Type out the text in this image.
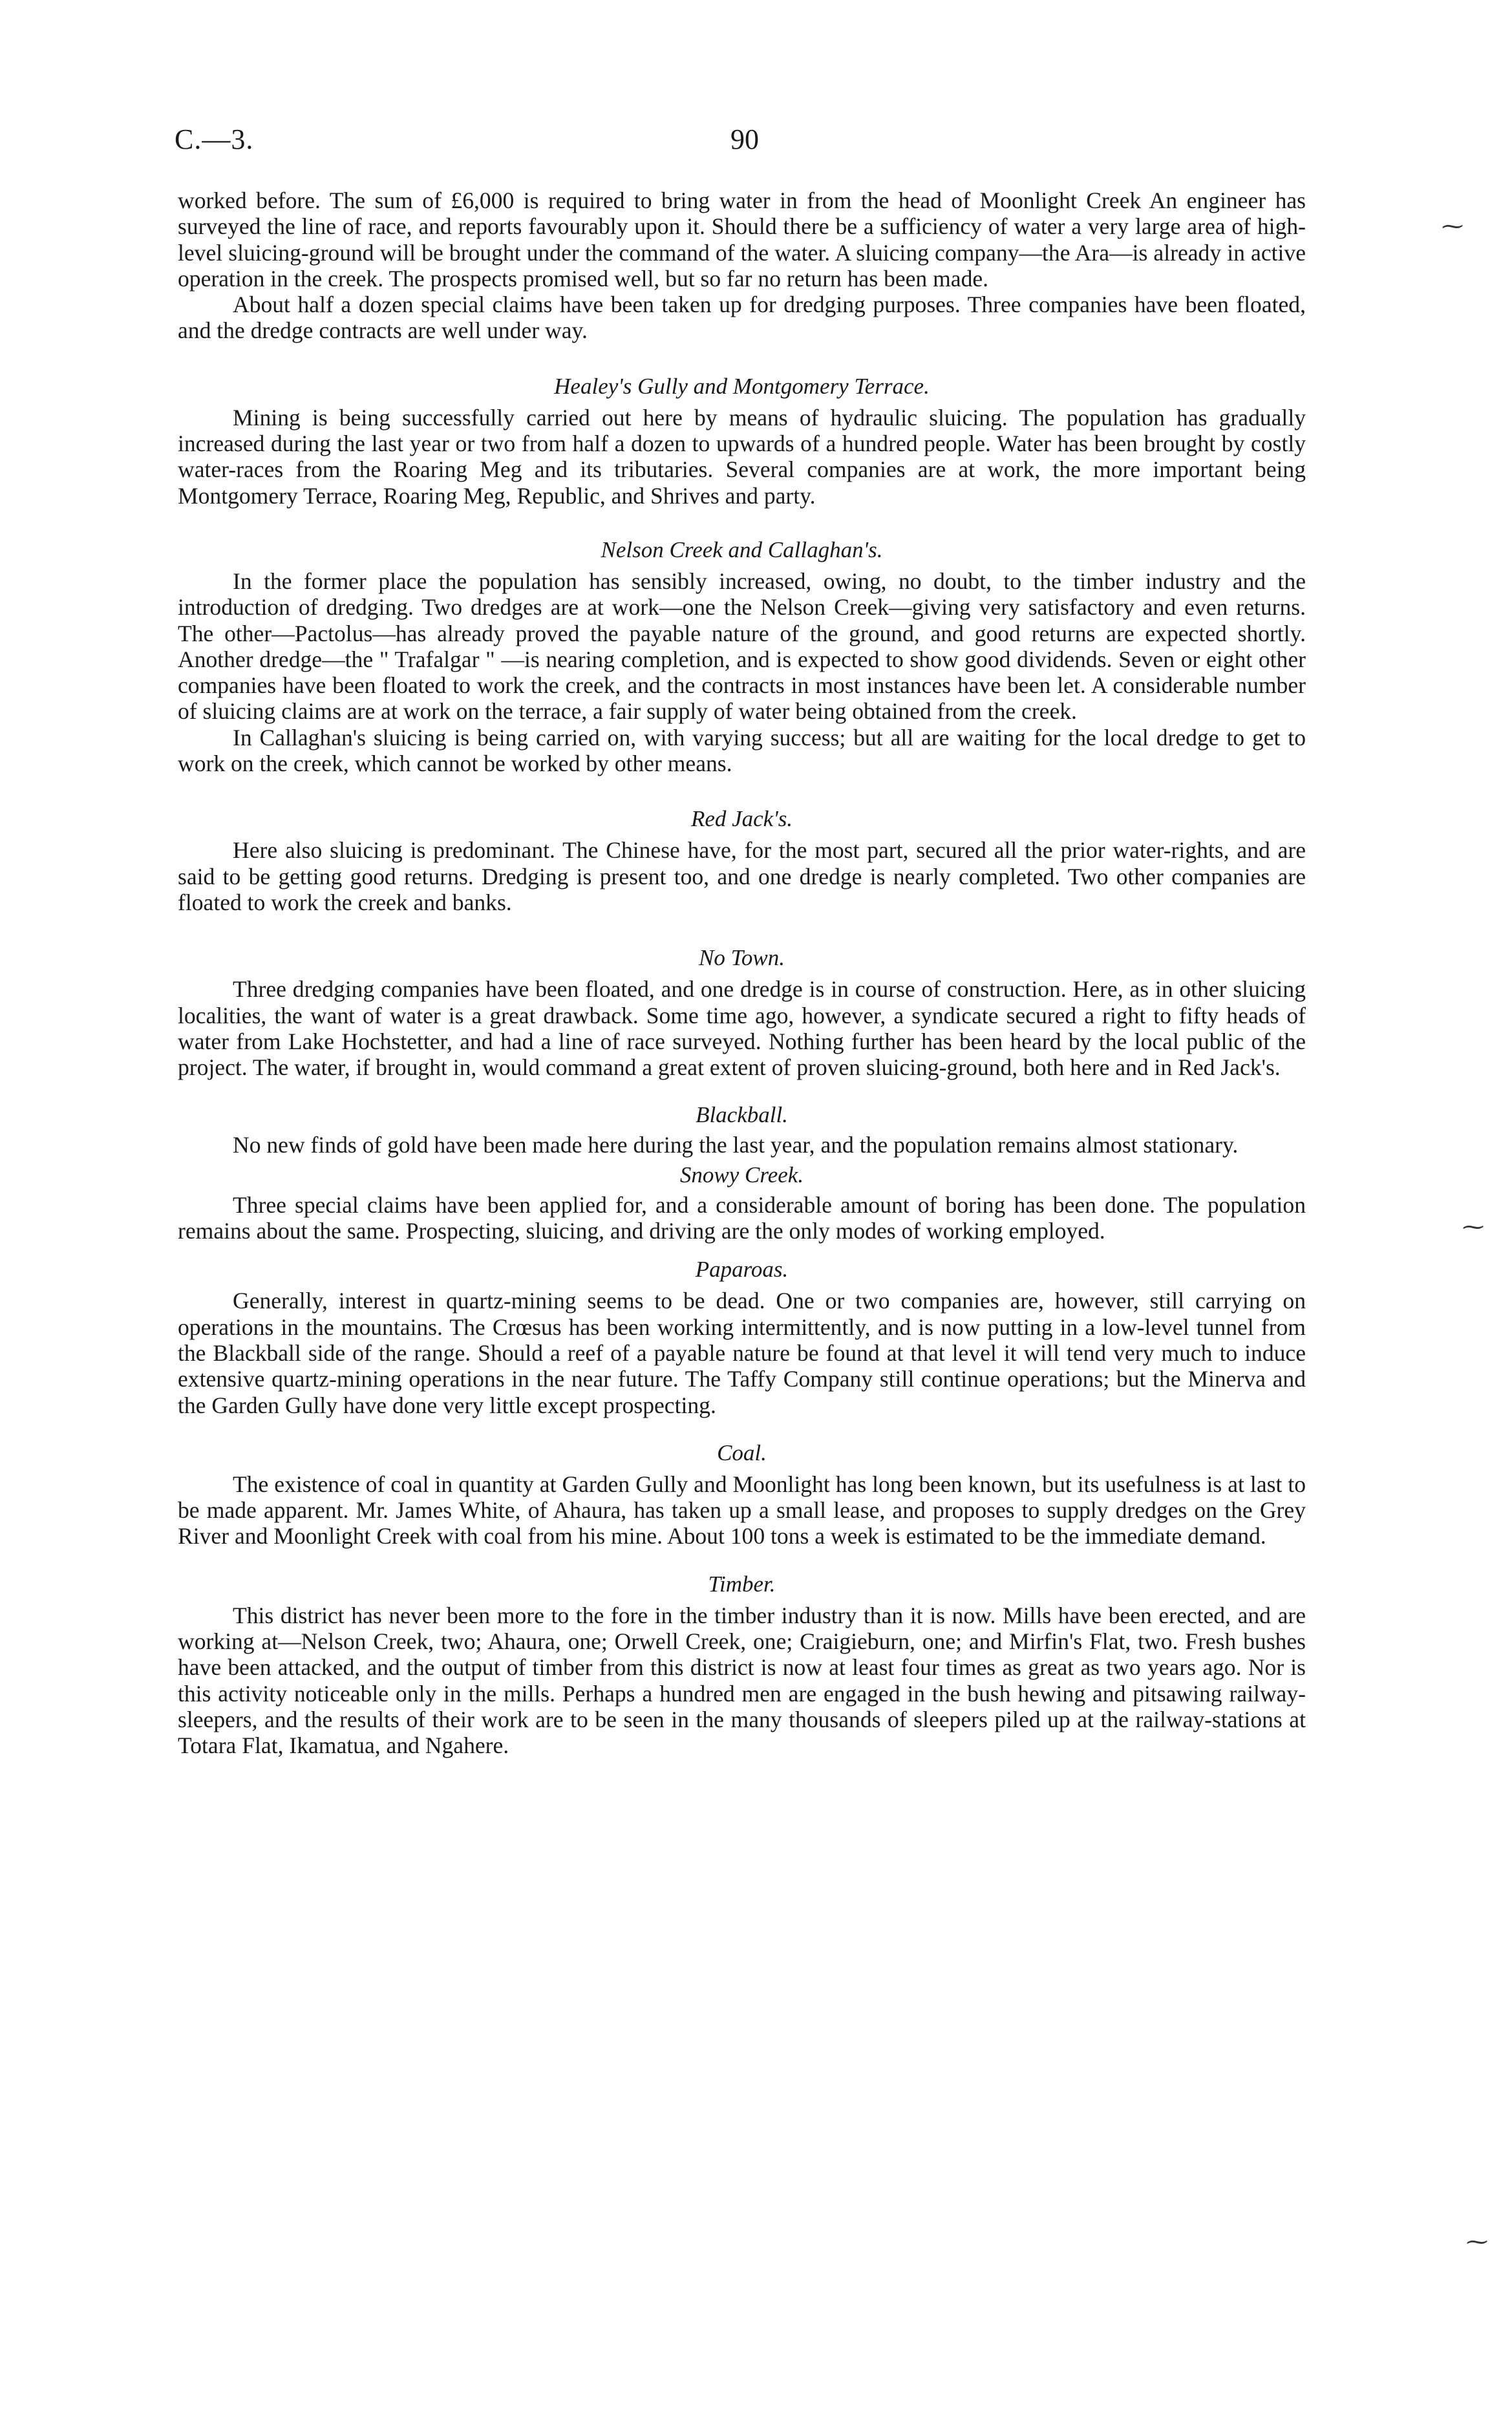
C.—3.	90

worked before. The sum of £6,000 is required to bring water in from the head of Moonlight Creek An engineer has surveyed the line of race, and reports favourably upon it. Should there be a sufficiency of water a very large area of high-level sluicing-ground will be brought under the command of the water. A sluicing company—the Ara—is already in active operation in the creek. The prospects promised well, but so far no return has been made.

About half a dozen special claims have been taken up for dredging purposes. Three companies have been floated, and the dredge contracts are well under way.

Healey's Gully and Montgomery Terrace.

Mining is being successfully carried out here by means of hydraulic sluicing. The population has gradually increased during the last year or two from half a dozen to upwards of a hundred people. Water has been brought by costly water-races from the Roaring Meg and its tributaries. Several companies are at work, the more important being Montgomery Terrace, Roaring Meg, Republic, and Shrives and party.

Nelson Creek and Callaghan's.

In the former place the population has sensibly increased, owing, no doubt, to the timber industry and the introduction of dredging. Two dredges are at work—one the Nelson Creek—giving very satisfactory and even returns. The other—Pactolus—has already proved the payable nature of the ground, and good returns are expected shortly. Another dredge—the " Trafalgar " —is nearing completion, and is expected to show good dividends. Seven or eight other companies have been floated to work the creek, and the contracts in most instances have been let. A considerable number of sluicing claims are at work on the terrace, a fair supply of water being obtained from the creek.

In Callaghan's sluicing is being carried on, with varying success; but all are waiting for the local dredge to get to work on the creek, which cannot be worked by other means.

Red Jack's.

Here also sluicing is predominant. The Chinese have, for the most part, secured all the prior water-rights, and are said to be getting good returns. Dredging is present too, and one dredge is nearly completed. Two other companies are floated to work the creek and banks.

No Town.

Three dredging companies have been floated, and one dredge is in course of construction. Here, as in other sluicing localities, the want of water is a great drawback. Some time ago, however, a syndicate secured a right to fifty heads of water from Lake Hochstetter, and had a line of race surveyed. Nothing further has been heard by the local public of the project. The water, if brought in, would command a great extent of proven sluicing-ground, both here and in Red Jack's.

Blackball.

No new finds of gold have been made here during the last year, and the population remains almost stationary.

Snowy Creek.

Three special claims have been applied for, and a considerable amount of boring has been done. The population remains about the same. Prospecting, sluicing, and driving are the only modes of working employed.

Paparoas.

Generally, interest in quartz-mining seems to be dead. One or two companies are, however, still carrying on operations in the mountains. The Crœsus has been working intermittently, and is now putting in a low-level tunnel from the Blackball side of the range. Should a reef of a payable nature be found at that level it will tend very much to induce extensive quartz-mining operations in the near future. The Taffy Company still continue operations; but the Minerva and the Garden Gully have done very little except prospecting.

Coal.

The existence of coal in quantity at Garden Gully and Moonlight has long been known, but its usefulness is at last to be made apparent. Mr. James White, of Ahaura, has taken up a small lease, and proposes to supply dredges on the Grey River and Moonlight Creek with coal from his mine. About 100 tons a week is estimated to be the immediate demand.

Timber.

This district has never been more to the fore in the timber industry than it is now. Mills have been erected, and are working at—Nelson Creek, two; Ahaura, one; Orwell Creek, one; Craigieburn, one; and Mirfin's Flat, two. Fresh bushes have been attacked, and the output of timber from this district is now at least four times as great as two years ago. Nor is this activity noticeable only in the mills. Perhaps a hundred men are engaged in the bush hewing and pitsawing railway-sleepers, and the results of their work are to be seen in the many thousands of sleepers piled up at the railway-stations at Totara Flat, Ikamatua, and Ngahere.

⁓
⁓
⁓
